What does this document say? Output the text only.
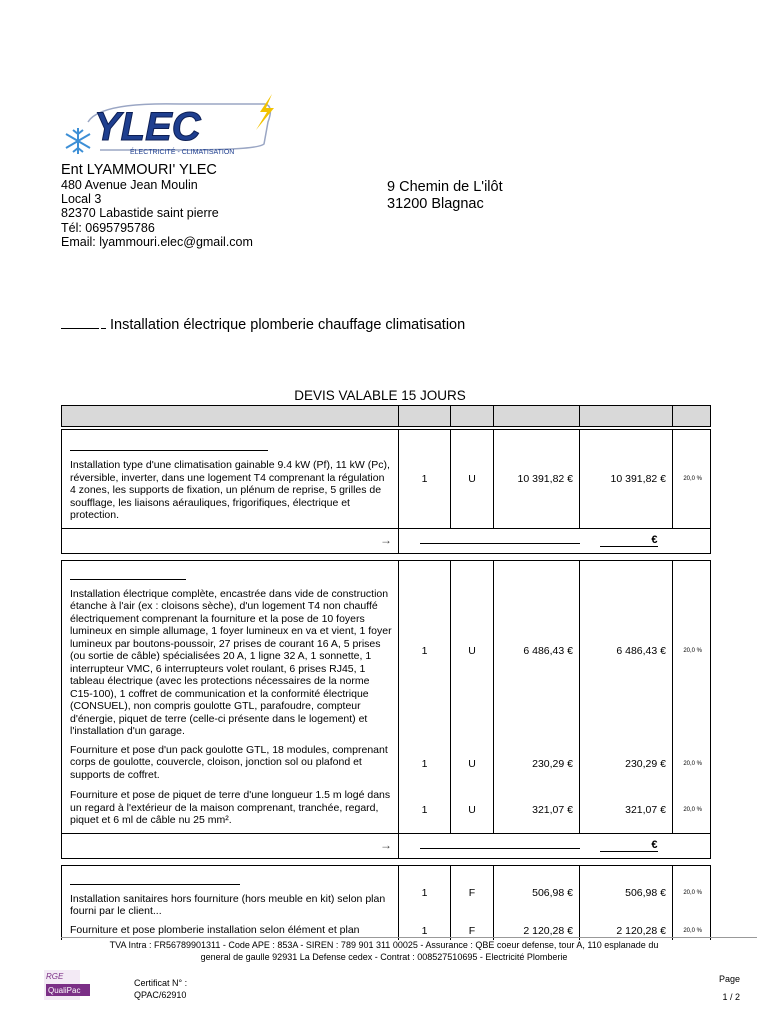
YLEC
ÉLECTRICITÉ - CLIMATISATION
Ent LYAMMOURI' YLEC
480 Avenue Jean Moulin
Local 3
82370 Labastide saint pierre
Tél: 0695795786
Email: lyammouri.elec@gmail.com
9 Chemin de L'ilôt
31200 Blagnac
Installation électrique plomberie chauffage climatisation
DEVIS VALABLE 15 JOURS

Installation type d'une climatisation gainable 9.4 kW (Pf), 11 kW (Pc), réversible, inverter, dans une logement T4 comprenant la régulation 4 zones, les supports de fixation, un plénum de reprise, 5 grilles de soufflage, les liaisons aérauliques, frigorifiques, électrique et protection.	1	U	10 391,82 €	10 391,82 €	20,0 %
→				€	

Installation électrique complète, encastrée dans vide de construction étanche à l'air (ex : cloisons sèche), d'un logement T4 non chauffé électriquement comprenant la fourniture et la pose de 10 foyers lumineux en simple allumage, 1 foyer lumineux en va et vient, 1 foyer lumineux par boutons-poussoir, 27 prises de courant 16 A, 5 prises (ou sortie de câble) spécialisées 20 A, 1 ligne 32 A, 1 sonnette, 1 interrupteur VMC, 6 interrupteurs volet roulant, 6 prises RJ45, 1 tableau électrique (avec les protections nécessaires de la norme C15-100), 1 coffret de communication et la conformité électrique (CONSUEL), non compris goulotte GTL, parafoudre, compteur d'énergie, piquet de terre (celle-ci présente dans le logement) et l'installation d'un garage.	1	U	6 486,43 €	6 486,43 €	20,0 %
Fourniture et pose d'un pack goulotte GTL, 18 modules, comprenant corps de goulotte, couvercle, cloison, jonction sol ou plafond et supports de coffret.	1	U	230,29 €	230,29 €	20,0 %
Fourniture et pose de piquet de terre d'une longueur 1.5 m logé dans un regard à l'extérieur de la maison comprenant, tranchée, regard, piquet et 6 ml de câble nu 25 mm².	1	U	321,07 €	321,07 €	20,0 %
→				€	

Installation sanitaires hors fourniture (hors meuble en kit) selon plan fourni par le client...	1	F	506,98 €	506,98 €	20,0 %
Fourniture et pose plomberie installation selon élément et plan	1	F	2 120,28 €	2 120,28 €	20,0 %
TVA Intra : FR56789901311 - Code APE : 853A - SIREN : 789 901 311 00025 - Assurance : QBE coeur defense, tour A, 110 esplanade du
general de gaulle 92931 La Defense cedex - Contrat : 008527510695 - Electricité Plomberie
RGE
QualiPac
Certificat N° :
QPAC/62910
Page
1 / 2
